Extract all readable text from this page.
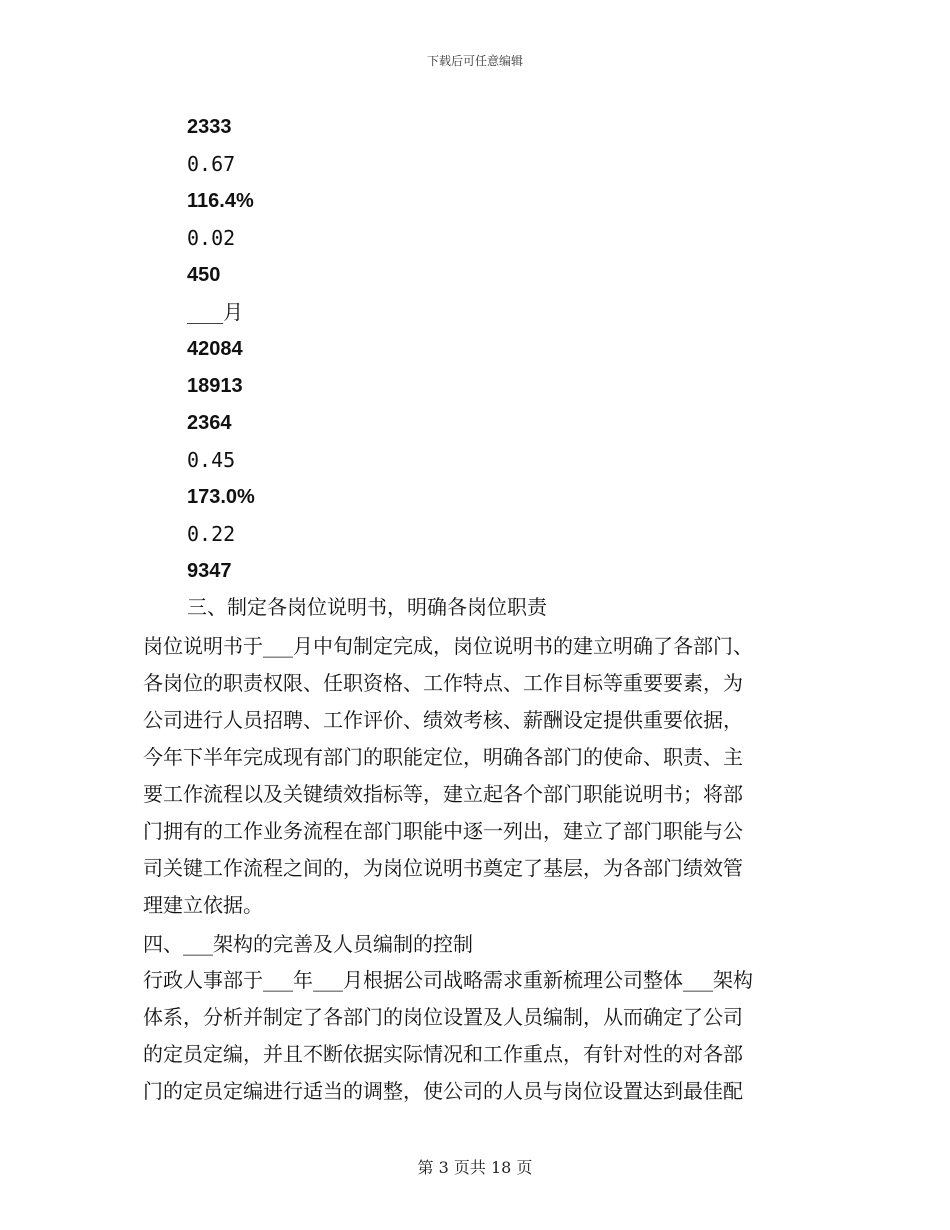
下载后可任意编辑
2333
0.67
116.4%
0.02
450
___月
42084
18913
2364
0.45
173.0%
0.22
9347
三、制定各岗位说明书，明确各岗位职责
岗位说明书于___月中旬制定完成，岗位说明书的建立明确了各部门、
各岗位的职责权限、任职资格、工作特点、工作目标等重要要素，为
公司进行人员招聘、工作评价、绩效考核、薪酬设定提供重要依据，
今年下半年完成现有部门的职能定位，明确各部门的使命、职责、主
要工作流程以及关键绩效指标等，建立起各个部门职能说明书；将部
门拥有的工作业务流程在部门职能中逐一列出，建立了部门职能与公
司关键工作流程之间的，为岗位说明书奠定了基层，为各部门绩效管
理建立依据。
四、___架构的完善及人员编制的控制
行政人事部于___年___月根据公司战略需求重新梳理公司整体___架构
体系，分析并制定了各部门的岗位设置及人员编制，从而确定了公司
的定员定编，并且不断依据实际情况和工作重点，有针对性的对各部
门的定员定编进行适当的调整，使公司的人员与岗位设置达到最佳配
第 3 页共 18 页
